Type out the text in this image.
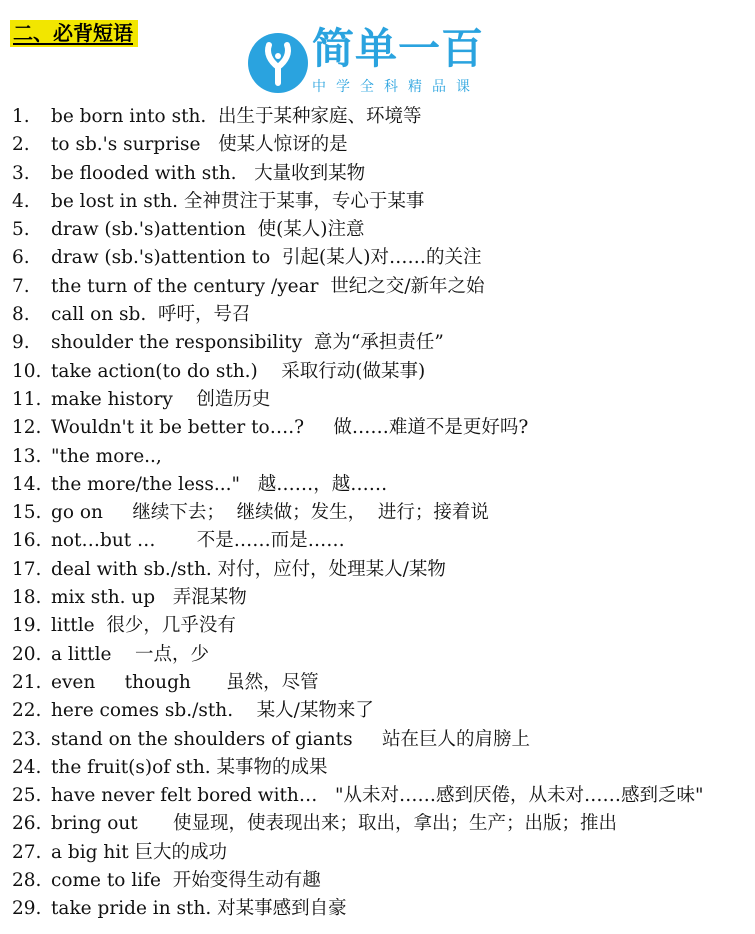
二、必背短语	简单一百
中学全科精品课
1.	be born into sth.  出生于某种家庭、环境等
2.	to sb.'s surprise   使某人惊讶的是
3.	be flooded with sth.   大量收到某物
4.	be lost in sth. 全神贯注于某事，专心于某事
5.	draw (sb.'s)attention  使(某人)注意
6.	draw (sb.'s)attention to  引起(某人)对……的关注
7.	the turn of the century /year  世纪之交/新年之始
8.	call on sb.  呼吁，号召
9.	shoulder the responsibility  意为“承担责任”
10. take action(to do sth.)    采取行动(做某事)
11. make history    创造历史
12. Wouldn't it be better to….?     做……难道不是更好吗?
13. "the more..,
14. the more/the less..."   越……，越……
15. go on     继续下去；  继续做；发生，  进行；接着说
16. not…but …       不是……而是……
17. deal with sb./sth. 对付，应付，处理某人/某物
18. mix sth. up   弄混某物
19. little  很少，几乎没有
20. a little    一点，少
21. even     though      虽然，尽管
22. here comes sb./sth.    某人/某物来了
23. stand on the shoulders of giants     站在巨人的肩膀上
24. the fruit(s)of sth. 某事物的成果
25. have never felt bored with…   "从未对……感到厌倦，从未对……感到乏味"
26. bring out      使显现，使表现出来；取出，拿出；生产；出版；推出
27. a big hit 巨大的成功
28. come to life  开始变得生动有趣
29. take pride in sth. 对某事感到自豪
